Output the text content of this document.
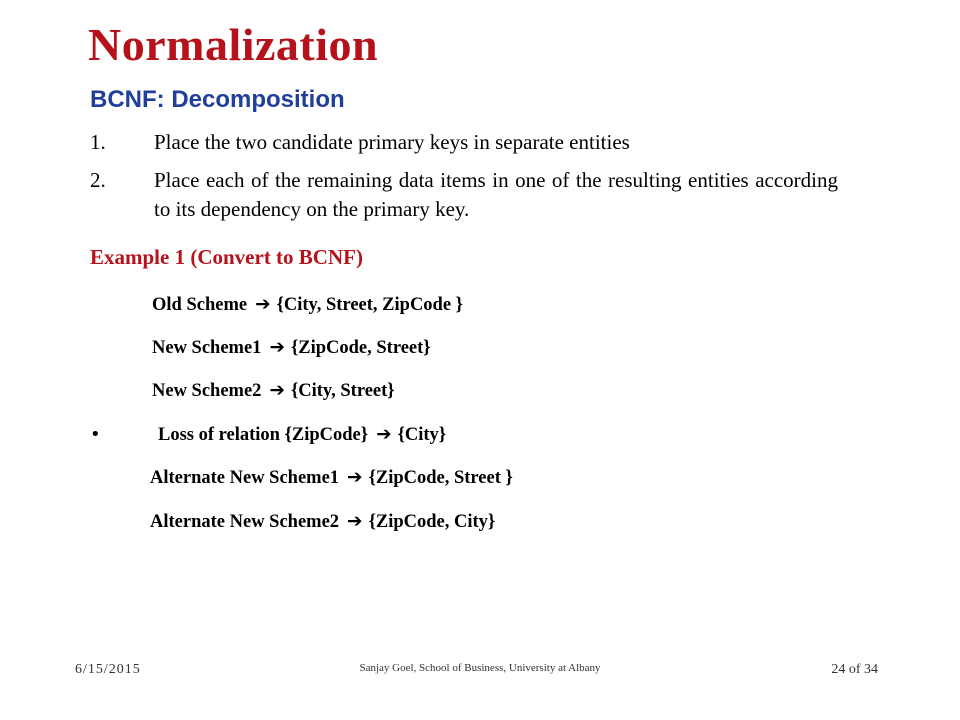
Normalization
BCNF: Decomposition
1. Place the two candidate primary keys in separate entities
2. Place each of the remaining data items in one of the resulting entities according to its dependency on the primary key.
Example 1 (Convert to BCNF)
Old Scheme ➔ {City, Street, ZipCode }
New Scheme1 ➔ {ZipCode, Street}
New Scheme2 ➔ {City, Street}
•	Loss of relation {ZipCode} ➔ {City}
Alternate New Scheme1 ➔ {ZipCode, Street }
Alternate New Scheme2 ➔ {ZipCode, City}
6/15/2015	Sanjay Goel, School of Business, University at Albany	24 of 34
